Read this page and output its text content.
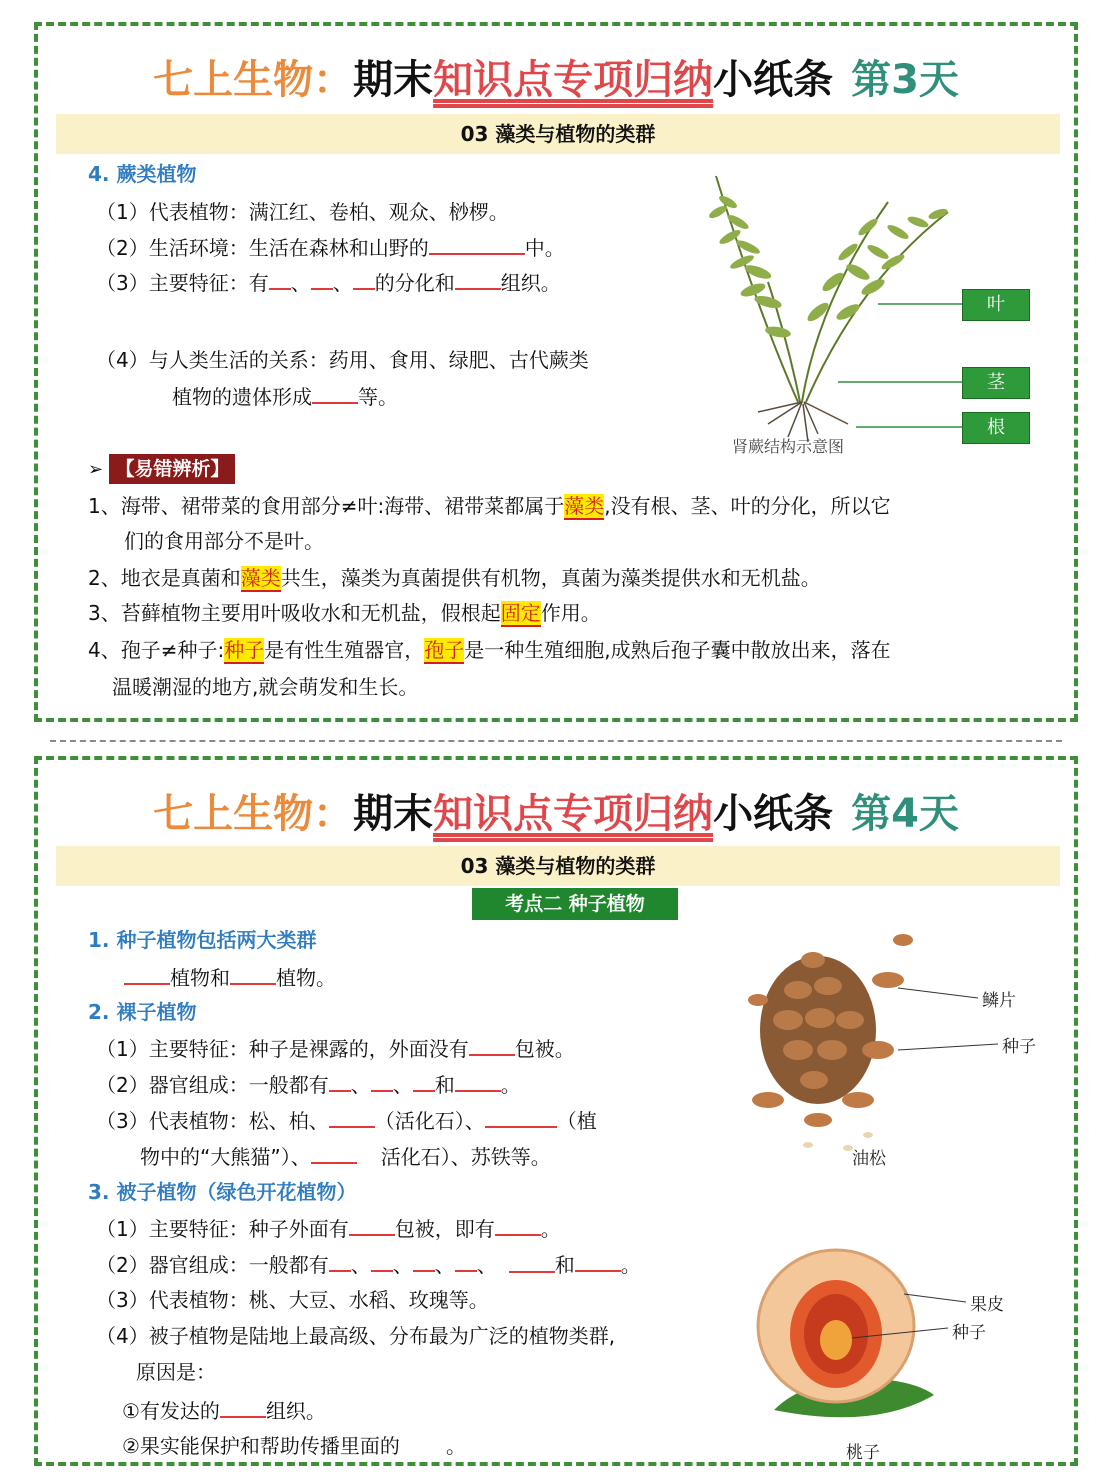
七上生物：期末知识点专项归纳小纸条 第3天
03 藻类与植物的类群
4. 蕨类植物
（1）代表植物：满江红、卷柏、观众、桫椤。
（2）生活环境：生活在森林和山野的	中。
（3）主要特征：有 、 、 的分化和 组织。
（4）与人类生活的关系：药用、食用、绿肥、古代蕨类
植物的遗体形成 等。
➢ 【易错辨析】
1、海带、裙带菜的食用部分≠叶:海带、裙带菜都属于藻类,没有根、茎、叶的分化，所以它
们的食用部分不是叶。
2、地衣是真菌和藻类共生，藻类为真菌提供有机物，真菌为藻类提供水和无机盐。
3、苔藓植物主要用叶吸收水和无机盐，假根起固定作用。
4、孢子≠种子:种子是有性生殖器官，孢子是一种生殖细胞,成熟后孢子囊中散放出来，落在
温暖潮湿的地方,就会萌发和生长。
叶
茎
根
肾蕨结构示意图
七上生物：期末知识点专项归纳小纸条 第4天
03 藻类与植物的类群
考点二 种子植物
1. 种子植物包括两大类群
植物和 植物。
2. 裸子植物
（1）主要特征：种子是裸露的，外面没有 包被。
（2）器官组成：一般都有 、 、 和 。
（3）代表植物：松、柏、 （活化石）、	（植
物中的“大熊猫”）、	活化石）、苏铁等。
3. 被子植物（绿色开花植物）
（1）主要特征：种子外面有 包被，即有 。
（2）器官组成：一般都有 、 、 、 、	和 。
（3）代表植物：桃、大豆、水稻、玫瑰等。
（4）被子植物是陆地上最高级、分布最为广泛的植物类群,
原因是：
①有发达的 组织。
②果实能保护和帮助传播里面的 。
鳞片
种子
油松
果皮
种子
桃子
